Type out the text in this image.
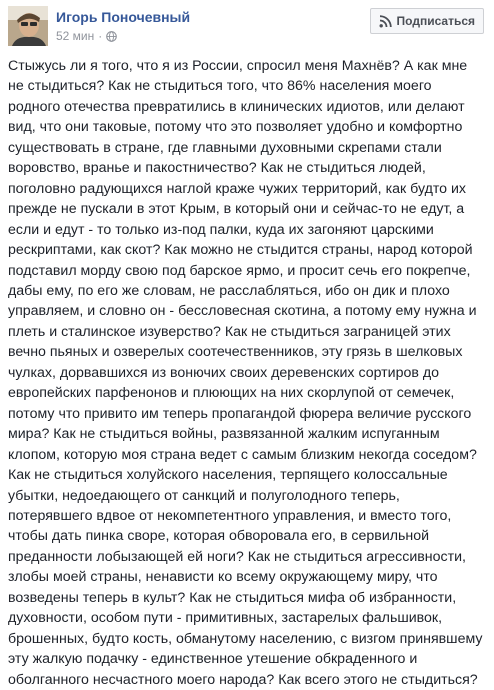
Игорь Поночевный
52 мин ·
Подписаться

Стыжусь ли я того, что я из России, спросил меня Махнёв? А как мне не стыдиться? Как не стыдиться того, что 86% населения моего родного отечества превратились в клинических идиотов, или делают вид, что они таковые, потому что это позволяет удобно и комфортно существовать в стране, где главными духовными скрепами стали воровство, вранье и пакостничество? Как не стыдиться людей, поголовно радующихся наглой краже чужих территорий, как будто их прежде не пускали в этот Крым, в который они и сейчас-то не едут, а если и едут - то только из-под палки, куда их загоняют царскими рескриптами, как скот? Как можно не стыдится страны, народ которой подставил морду свою под барское ярмо, и просит сечь его покрепче, дабы ему, по его же словам, не расслабляться, ибо он дик и плохо управляем, и словно он - бессловесная скотина, а потому ему нужна и плеть и сталинское изуверство? Как не стыдиться заграницей этих вечно пьяных и озверелых соотечественников, эту грязь в шелковых чулках, дорвавшихся из вонючих своих деревенских сортиров до европейских парфенонов и плюющих на них скорлупой от семечек, потому что привито им теперь пропагандой фюрера величие русского мира? Как не стыдиться войны, развязанной жалким испуганным клопом, которую моя страна ведет с самым близким некогда соседом? Как не стыдиться холуйского населения, терпящего колоссальные убытки, недоедающего от санкций и полуголодного теперь, потерявшего вдвое от некомпетентного управления, и вместо того, чтобы дать пинка своре, которая обворовала его, в сервильной преданности лобызающей ей ноги? Как не стыдиться агрессивности, злобы моей страны, ненависти ко всему окружающему миру, что возведены теперь в культ? Как не стыдиться мифа об избранности, духовности, особом пути - примитивных, застарелых фальшивок, брошенных, будто кость, обманутому населению, с визгом принявшему эту жалкую подачку - единственное утешение обкраденного и оболганного несчастного моего народа? Как всего этого не стыдиться?
